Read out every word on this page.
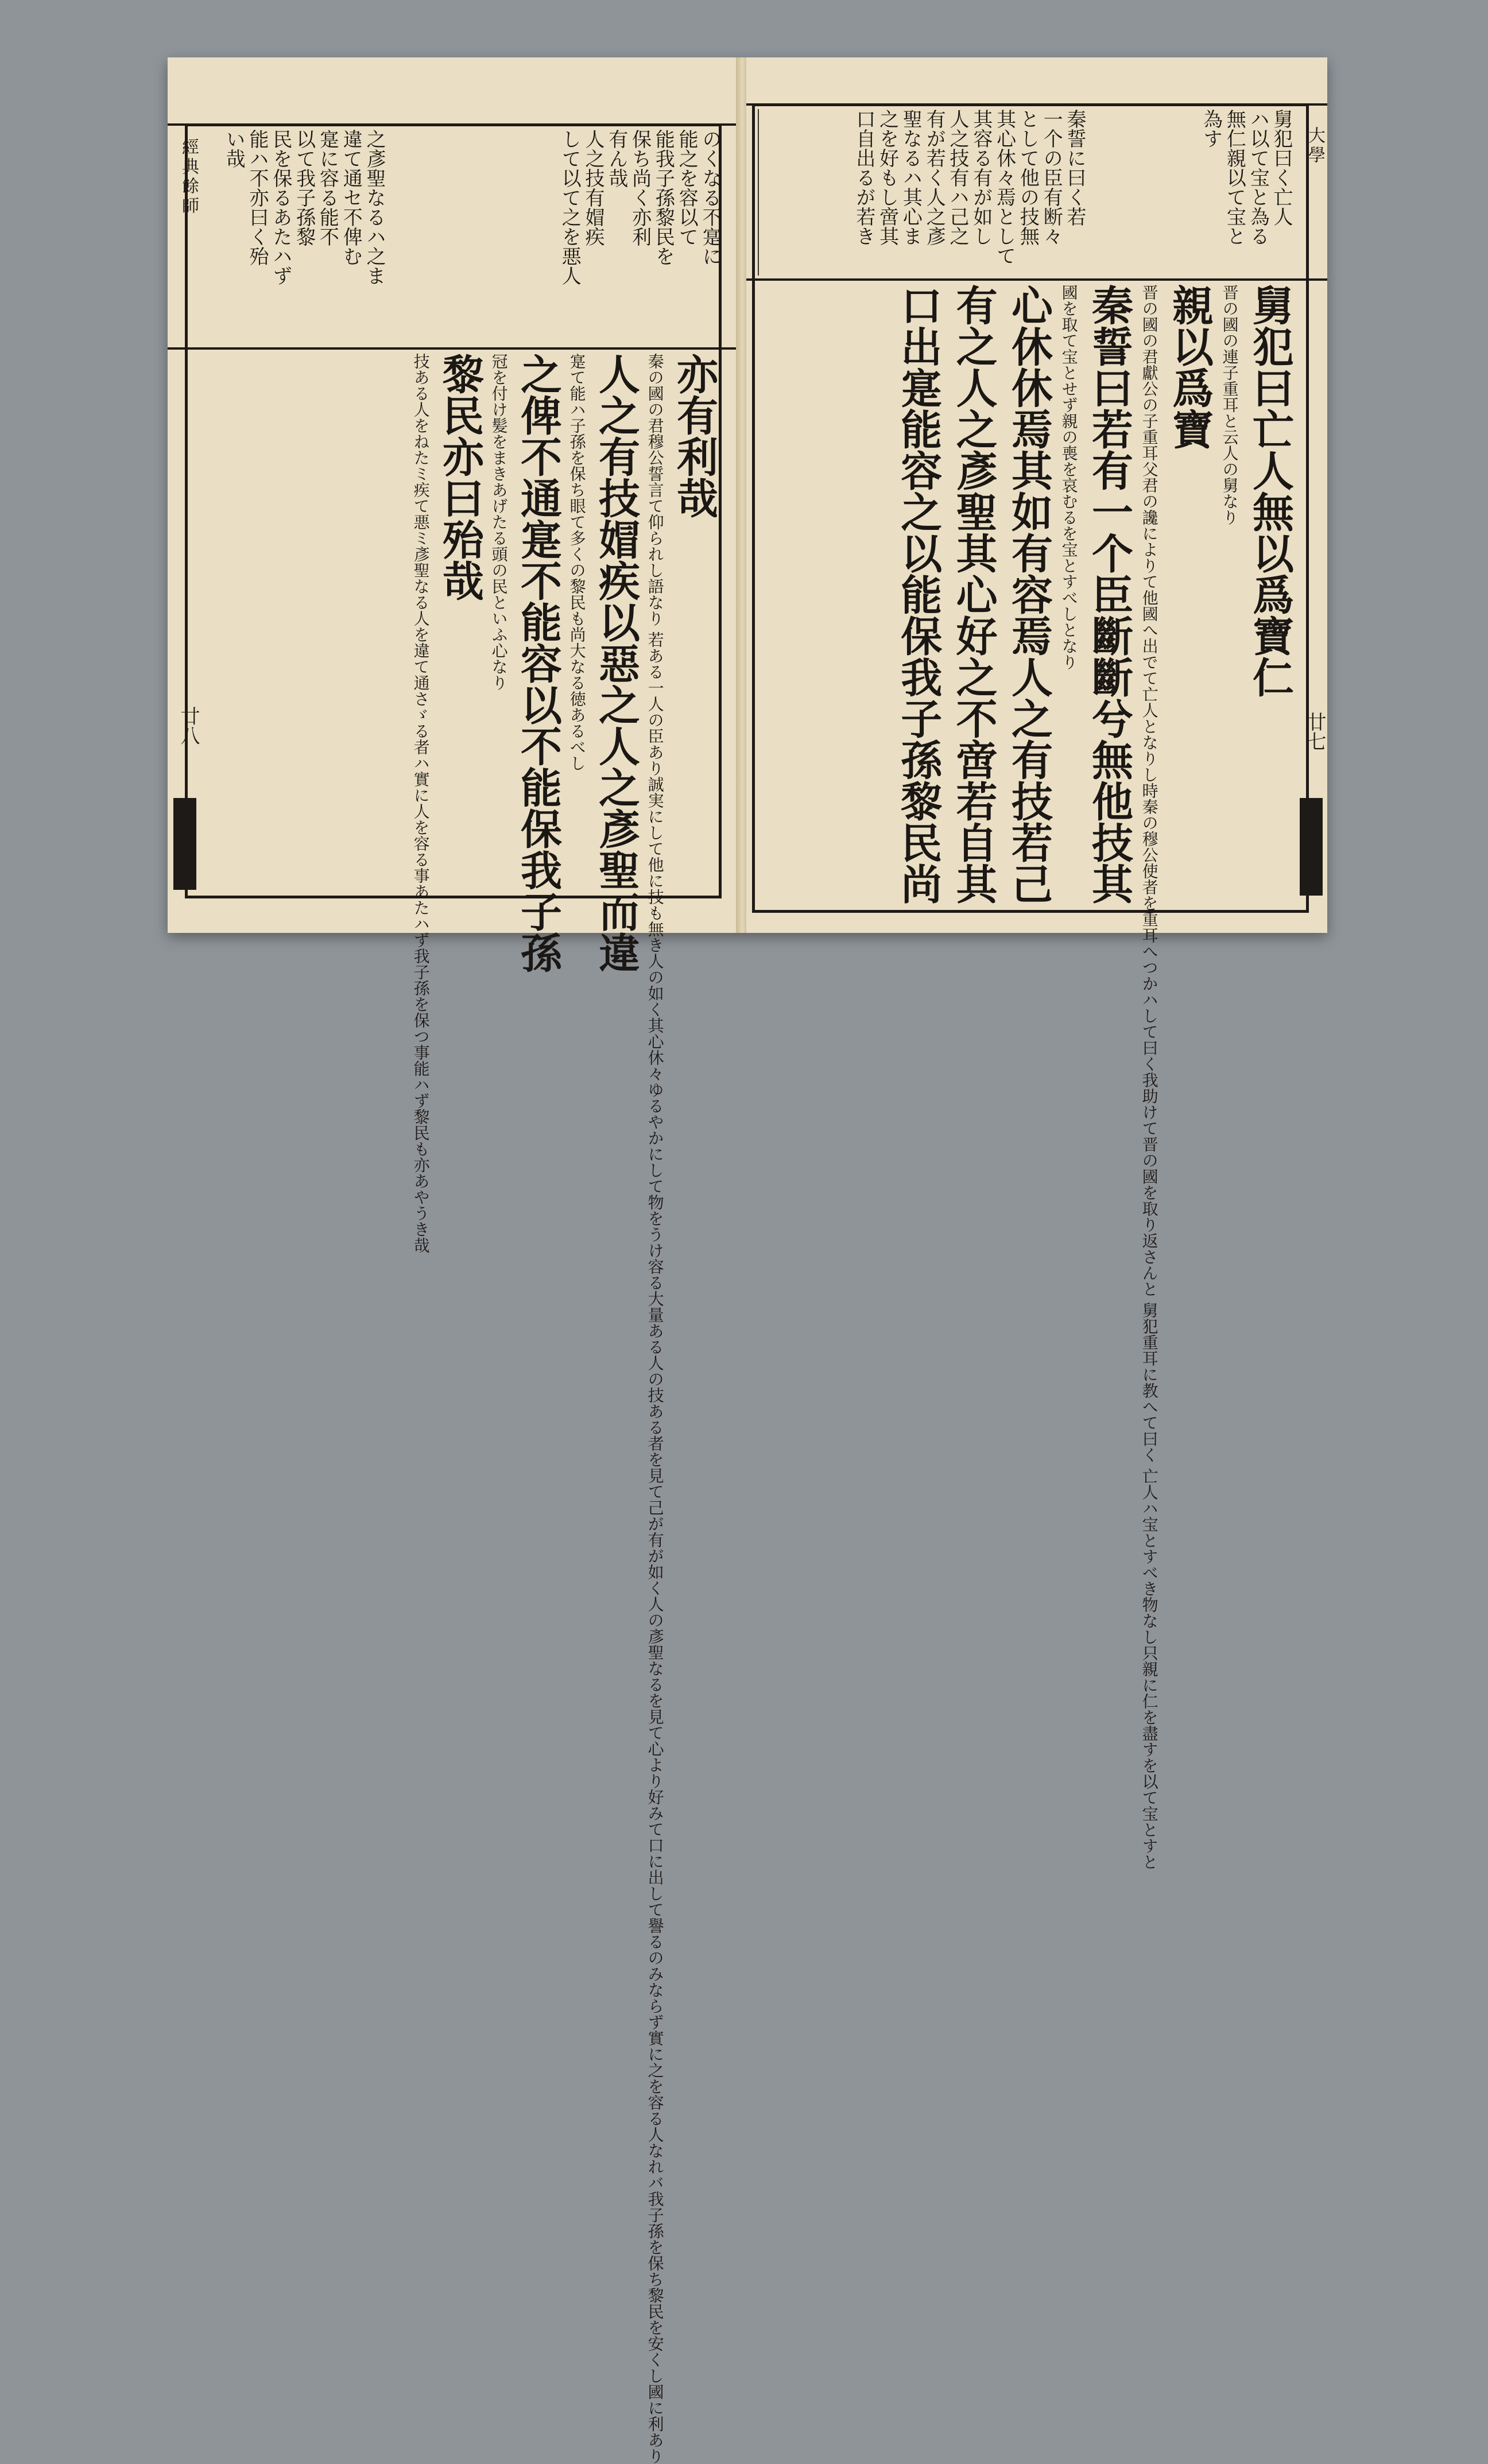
經典餘師
廿八
のくなる不寔に
能之を容以て
能我子孫黎民を
保ち尚く亦利
有ん哉
人之技有媢疾
して以て之を悪人
之彥聖なるハ之ま
違て通セ不俾む
寔に容る能不
以て我子孫黎
民を保るあたハず
能ハ不亦曰く殆
い哉
亦有利哉
秦の國の君穆公誓言て仰られし語なり 若ある一人の臣あり誠実にして他に技も無き人の如く其心休々ゆるやかにして物をうけ容る大量ある人の技ある者を見て己が有が如く人の彥聖なるを見て心より好みて口に出して譽るのみならず實に之を容る人なれバ我子孫を保ち黎民を安くし國に利あり
人之有技媢疾以惡之人之彥聖而違
寔て能ハ子孫を保ち眼て多くの黎民も尚大なる徳あるべし
之俾不通寔不能容以不能保我子孫
冠を付け髪をまきあげたる頭の民といふ心なり
黎民亦曰殆哉
技ある人をねたミ疾て悪ミ彥聖なる人を違て通さゞる者ハ實に人を容る事あたハず我子孫を保つ事能ハず黎民も亦あやうき哉
大學
廿七
舅犯曰く亡人
ハ以て宝と為る
無仁親以て宝と
為す
秦誓に曰く若
一个の臣有断々
として他の技無
其心休々焉として
其容る有が如し
人之技有ハ己之
有が若く人之彥
聖なるハ其心ま
之を好もし啻其
口自出るが若き
舅犯曰亡人無以爲寶仁
晋の國の連子重耳と云人の舅なり
親以爲寶
晋の國の君獻公の子重耳父君の讒によりて他國へ出でて亡人となりし時秦の穆公使者を重耳へつかハして曰く我助けて晋の國を取り返さんと 舅犯重耳に教へて曰く 亡人ハ宝とすべき物なし只親に仁を盡すを以て宝とすと
秦誓曰若有一个臣斷斷兮無他技其
國を取て宝とせず親の喪を哀むるを宝とすべしとなり
心休休焉其如有容焉人之有技若己
有之人之彥聖其心好之不啻若自其
口出寔能容之以能保我子孫黎民尚
